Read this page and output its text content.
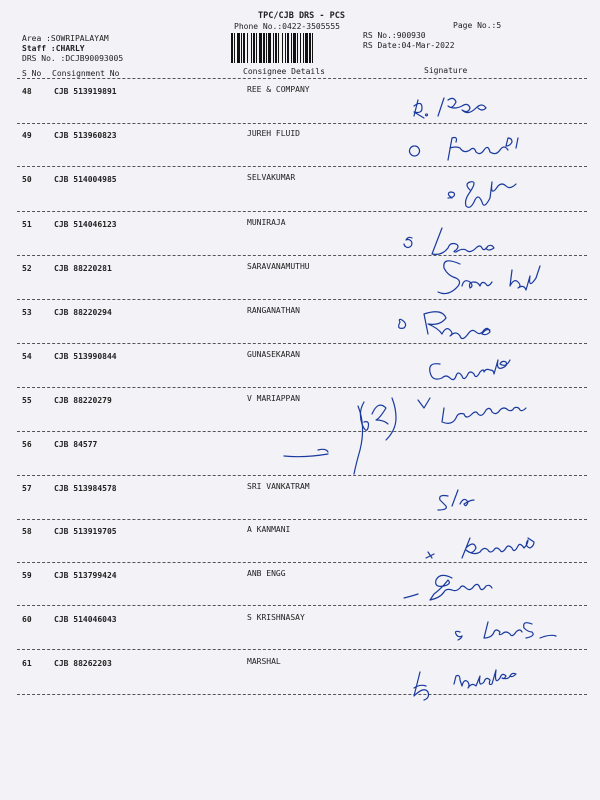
TPC/CJB DRS - PCS
Phone No.:0422-3505555	Page No.:5
Area :SOWRIPALAYAM
Staff :CHARLY
DRS No. :DCJB90093005
RS No.:900930
RS Date:04-Mar-2022
S No Consignment No	Consignee Details	Signature
48	CJB 513919891	REE & COMPANY
49	CJB 513960823	JUREH FLUID
50	CJB 514004985	SELVAKUMAR
51	CJB 514046123	MUNIRAJA
52	CJB 88220281	SARAVANAMUTHU
53	CJB 88220294	RANGANATHAN
54	CJB 513990844	GUNASEKARAN
55	CJB 88220279	V MARIAPPAN
56	CJB 84577
57	CJB 513984578	SRI VANKATRAM
58	CJB 513919705	A KANMANI
59	CJB 513799424	ANB ENGG
60	CJB 514046043	S KRISHNASAY
61	CJB 88262203	MARSHAL
